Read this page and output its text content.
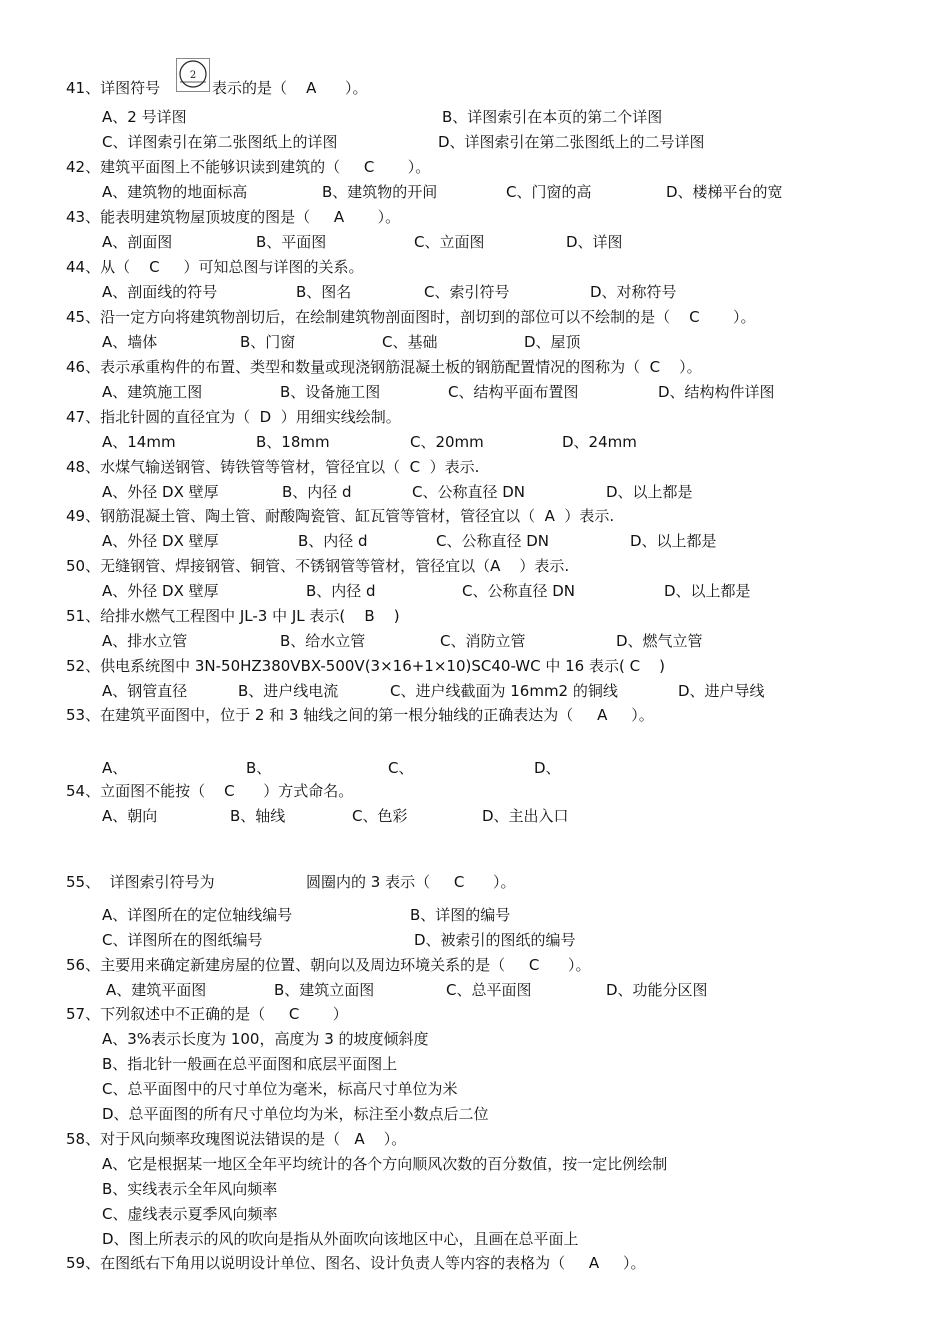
41、详图符号
2
表示的是（    A      ）。
A、2 号详图	B、详图索引在本页的第二个详图
C、详图索引在第二张图纸上的详图	D、详图索引在第二张图纸上的二号详图
42、建筑平面图上不能够识读到建筑的（     C       ）。
A、建筑物的地面标高	B、建筑物的开间	C、门窗的高	D、楼梯平台的宽
43、能表明建筑物屋顶坡度的图是（     A       ）。
A、剖面图	B、平面图	C、立面图	D、详图
44、从（    C     ）可知总图与详图的关系。
A、剖面线的符号	B、图名	C、索引符号	D、对称符号
45、沿一定方向将建筑物剖切后，在绘制建筑物剖面图时，剖切到的部位可以不绘制的是（    C       ）。
A、墙体	B、门窗	C、基础	D、屋顶
46、表示承重构件的布置、类型和数量或现浇钢筋混凝土板的钢筋配置情况的图称为（  C    ）。
A、建筑施工图	B、设备施工图	C、结构平面布置图	D、结构构件详图
47、指北针圆的直径宜为（  D  ）用细实线绘制。
A、14mm	B、18mm	C、20mm	D、24mm
48、水煤气输送钢管、铸铁管等管材，管径宜以（  C  ）表示.
A、外径 DX 壁厚	B、内径 d	C、公称直径 DN	D、以上都是
49、钢筋混凝土管、陶土管、耐酸陶瓷管、缸瓦管等管材，管径宜以（  A  ）表示.
A、外径 DX 壁厚	B、内径 d	C、公称直径 DN	D、以上都是
50、无缝钢管、焊接钢管、铜管、不锈钢管等管材，管径宜以（A    ）表示.
A、外径 DX 壁厚	B、内径 d	C、公称直径 DN	D、以上都是
51、给排水燃气工程图中 JL-3 中 JL 表示(    B    )
A、排水立管	B、给水立管	C、消防立管	D、燃气立管
52、供电系统图中 3N-50HZ380VBX-500V(3×16+1×10)SC40-WC 中 16 表示( C    )
A、钢管直径	B、进户线电流	C、进户线截面为 16mm2 的铜线	D、进户导线
53、在建筑平面图中，位于 2 和 3 轴线之间的第一根分轴线的正确表达为（     A     ）。
A、	B、	C、	D、
54、立面图不能按（    C      ）方式命名。
A、朝向	B、轴线	C、色彩	D、主出入口
55、  详图索引符号为	圆圈内的 3 表示（     C      ）。
A、详图所在的定位轴线编号	B、详图的编号
C、详图所在的图纸编号	D、被索引的图纸的编号
56、主要用来确定新建房屋的位置、朝向以及周边环境关系的是（     C      ）。
A、建筑平面图	B、建筑立面图	C、总平面图	D、功能分区图
57、下列叙述中不正确的是（     C       ）
A、3%表示长度为 100，高度为 3 的坡度倾斜度
B、指北针一般画在总平面图和底层平面图上
C、总平面图中的尺寸单位为毫米，标高尺寸单位为米
D、总平面图的所有尺寸单位均为米，标注至小数点后二位
58、对于风向频率玫瑰图说法错误的是（   A    ）。
A、它是根据某一地区全年平均统计的各个方向顺风次数的百分数值，按一定比例绘制
B、实线表示全年风向频率
C、虚线表示夏季风向频率
D、图上所表示的风的吹向是指从外面吹向该地区中心，且画在总平面上
59、在图纸右下角用以说明设计单位、图名、设计负责人等内容的表格为（     A     ）。
